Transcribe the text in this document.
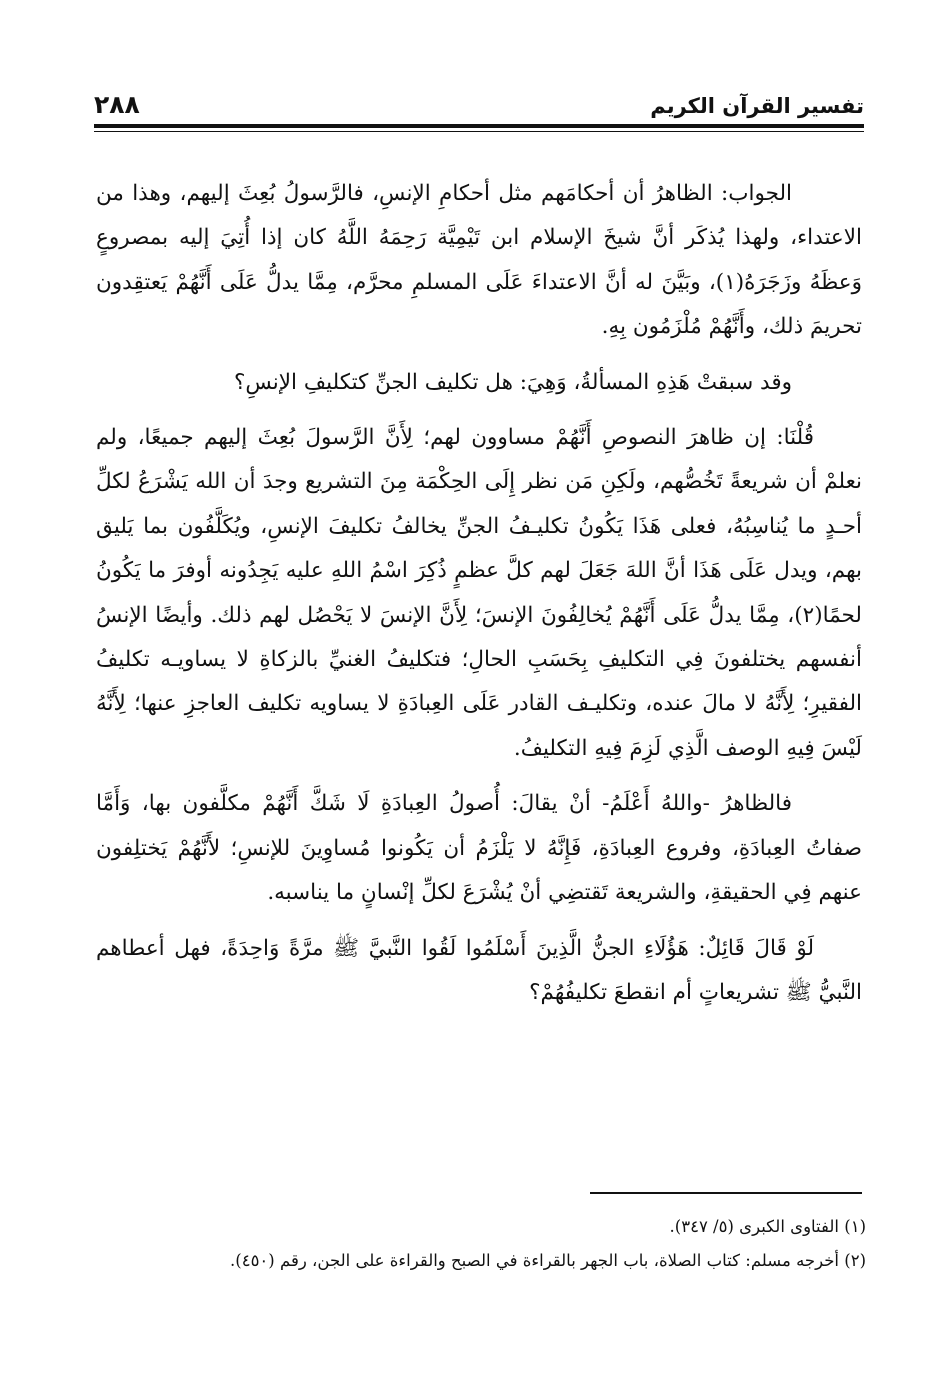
تفسير القرآن الكريم
٢٨٨

الجواب: الظاهرُ أن أحكامَهم مثل أحكامِ الإنسِ، فالرَّسولُ بُعِثَ إليهم، وهذا من الاعتداء، ولهذا يُذكَر أنَّ شيخَ الإسلام ابن تَيْمِيَّة رَحِمَهُ اللَّهُ كان إذا أُتِيَ إليه بمصروعٍ وَعظَهُ وزَجَرَهُ(١)، وبَيَّنَ له أنَّ الاعتداءَ عَلَى المسلمِ محرَّم، مِمَّا يدلُّ عَلَى أَنَّهُمْ يَعتقِدون تحريمَ ذلك، وأَنَّهُمْ مُلْزَمُون بِهِ.

وقد سبقتْ هَذِهِ المسألةُ، وَهِيَ: هل تكليف الجنِّ كتكليفِ الإنسِ؟

قُلْنَا: إن ظاهرَ النصوصِ أَنَّهُمْ مساوون لهم؛ لِأَنَّ الرَّسولَ بُعِثَ إليهم جميعًا، ولم نعلمْ أن شريعةً تَخُصُّهم، ولَكِنِ مَن نظر إِلَى الحِكْمَة مِنَ التشريع وجدَ أن الله يَشْرَعُ لكلِّ أحـدٍ ما يُناسِبُهُ، فعلى هَذَا يَكُونُ تكليـفُ الجنِّ يخالفُ تكليفَ الإنسِ، ويُكَلَّفُون بما يَليق بهم، ويدل عَلَى هَذَا أنَّ اللهَ جَعَلَ لهم كلَّ عظمٍ ذُكِرَ اسْمُ اللهِ عليه يَجِدُونه أوفرَ ما يَكُونُ لحمًا(٢)، مِمَّا يدلُّ عَلَى أَنَّهُمْ يُخالِفُونَ الإنسَ؛ لِأَنَّ الإنسَ لا يَحْصُل لهم ذلك. وأيضًا الإنسُ أنفسهم يختلفونَ فِي التكليفِ بِحَسَبِ الحالِ؛ فتكليفُ الغنيِّ بالزكاةِ لا يساويـه تكليفُ الفقيرِ؛ لِأَنَّهُ لا مالَ عنده، وتكليـف القادر عَلَى العِبادَةِ لا يساويه تكليف العاجزِ عنها؛ لِأَنَّهُ لَيْسَ فِيهِ الوصف الَّذِي لَزِمَ فِيهِ التكليفُ.

فالظاهرُ -واللهُ أَعْلَمُ- أنْ يقالَ: أُصولُ العِبادَةِ لَا شَكَّ أَنَّهُمْ مكلَّفون بها، وَأَمَّا صفاتُ العِبادَةِ، وفروع العِبادَةِ، فَإِنَّهُ لا يَلْزَمُ أن يَكُونوا مُساوِينَ للإنسِ؛ لأَنَّهُمْ يَختلِفون عنهم فِي الحقيقةِ، والشريعة تَقتضِي أنْ يُشْرَعَ لكلِّ إنْسانٍ ما يناسبه.

لَوْ قَالَ قَائِلٌ: هَؤُلَاءِ الجنُّ الَّذِينَ أَسْلَمُوا لَقُوا النَّبيَّ ﷺ مرَّةً وَاحِدَةً، فهل أعطاهم النَّبيُّ ﷺ تشريعاتٍ أم انقطعَ تكليفُهُمْ؟

(١) الفتاوى الكبرى (٥/ ٣٤٧).

(٢) أخرجه مسلم: كتاب الصلاة، باب الجهر بالقراءة في الصبح والقراءة على الجن، رقم (٤٥٠).
